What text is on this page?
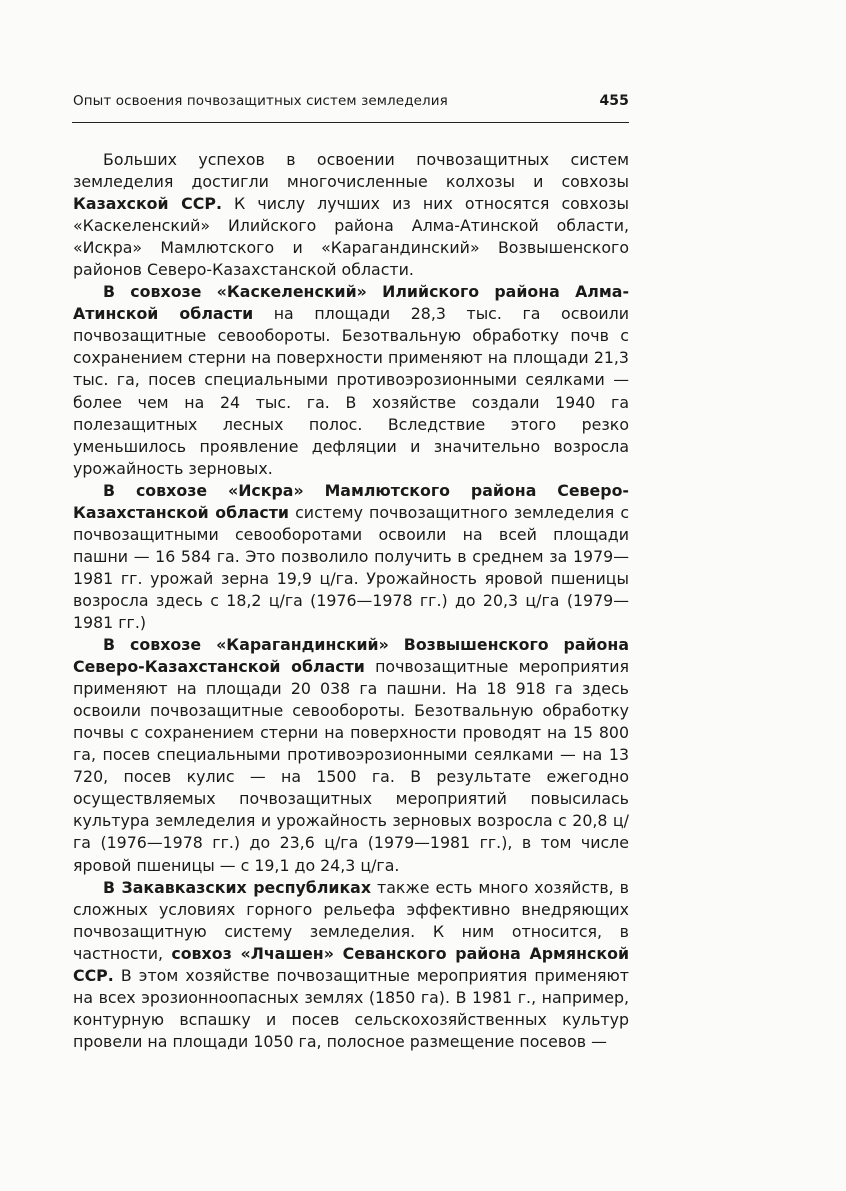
Опыт освоения почвозащитных систем земледелия	455

Больших успехов в освоении почвозащитных систем земледелия достигли многочисленные колхозы и совхозы Казахской ССР. К числу лучших из них относятся совхозы «Каскеленский» Илийского района Алма-Атинской области, «Искра» Мамлютского и «Карагандинский» Возвышенского районов Северо-Казахстанской области.

В совхозе «Каскеленский» Илийского района Алма-Атинской области на площади 28,3 тыс. га освоили почвозащитные севообороты. Безотвальную обработку почв с сохранением стерни на поверхности применяют на площади 21,3 тыс. га, посев специальными противоэрозионными сеялками — более чем на 24 тыс. га. В хозяйстве создали 1940 га полезащитных лесных полос. Вследствие этого резко уменьшилось проявление дефляции и значительно возросла урожайность зерновых.

В совхозе «Искра» Мамлютского района Северо-Казахстанской области систему почвозащитного земледелия с почвозащитными севооборотами освоили на всей площади пашни — 16 584 га. Это позволило получить в среднем за 1979—1981 гг. урожай зерна 19,9 ц/га. Урожайность яровой пшеницы возросла здесь с 18,2 ц/га (1976—1978 гг.) до 20,3 ц/га (1979—1981 гг.)

В совхозе «Карагандинский» Возвышенского района Северо-Казахстанской области почвозащитные мероприятия применяют на площади 20 038 га пашни. На 18 918 га здесь освоили почвозащитные севообороты. Безотвальную обработку почвы с сохранением стерни на поверхности проводят на 15 800 га, посев специальными противоэрозионными сеялками — на 13 720, посев кулис — на 1500 га. В результате ежегодно осуществляемых почвозащитных мероприятий повысилась культура земледелия и урожайность зерновых возросла с 20,8 ц/га (1976—1978 гг.) до 23,6 ц/га (1979—1981 гг.), в том числе яровой пшеницы — с 19,1 до 24,3 ц/га.

В Закавказских республиках также есть много хозяйств, в сложных условиях горного рельефа эффективно внедряющих почвозащитную систему земледелия. К ним относится, в частности, совхоз «Лчашен» Севанского района Армянской ССР. В этом хозяйстве почвозащитные мероприятия применяют на всех эрозионноопасных землях (1850 га). В 1981 г., например, контурную вспашку и посев сельскохозяйственных культур провели на площади 1050 га, полосное размещение посевов —
